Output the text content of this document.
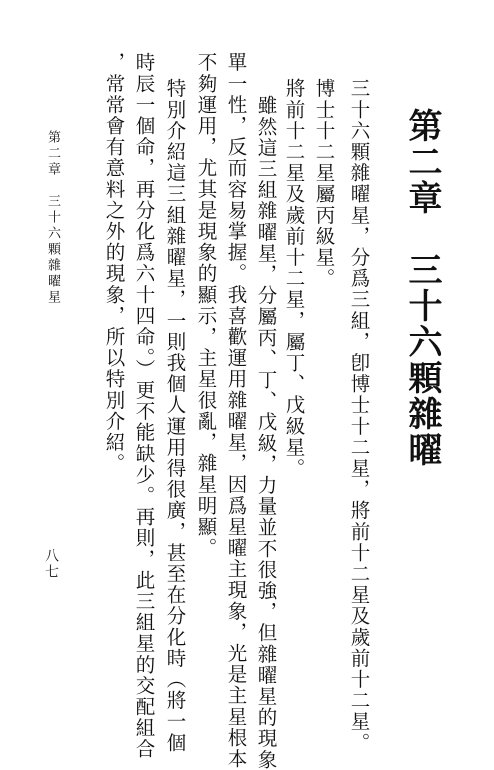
第二章　三十六顆雜曜
三十六顆雜曜星，分爲三組，卽博士十二星，將前十二星及歲前十二星。
博士十二星屬丙級星。
將前十二星及歲前十二星，屬丁、戊級星。
雖然這三組雜曜星，分屬丙、丁、戊級，力量並不很強，但雜曜星的現象
單一性，反而容易掌握。我喜歡運用雜曜星，因爲星曜主現象，光是主星根本
不夠運用，尤其是現象的顯示，主星很亂，雜星明顯。
特別介紹這三組雜曜星，一則我個人運用得很廣，甚至在分化時（將一個
時辰一個命，再分化爲六十四命。）更不能缺少。再則，此三組星的交配組合
，常常會有意料之外的現象，所以特別介紹。
第二章　三十六顆雜曜星
八七
